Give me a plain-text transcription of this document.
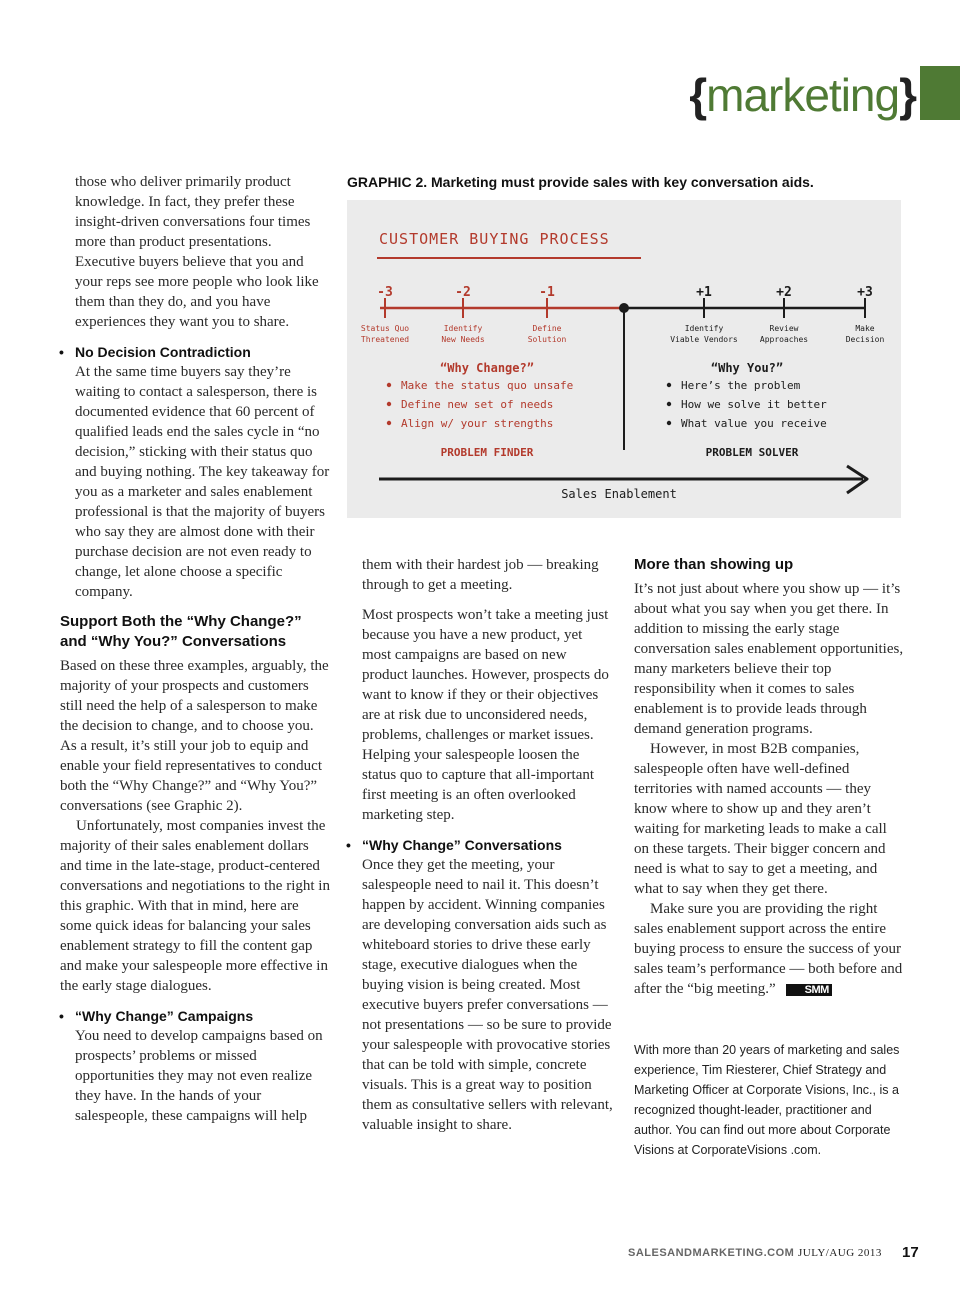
{marketing}

those who deliver primarily product knowledge. In fact, they prefer these insight-driven conversations four times more than product presentations. Executive buyers believe that you and your reps see more people who look like them than they do, and you have experiences they want you to share.

• No Decision Contradiction

At the same time buyers say they’re waiting to contact a salesperson, there is documented evidence that 60 percent of qualified leads end the sales cycle in “no decision,” sticking with their status quo and buying nothing. The key takeaway for you as a marketer and sales enablement professional is that the majority of buyers who say they are almost done with their purchase decision are not even ready to change, let alone choose a specific company.

Support Both the “Why Change?” and “Why You?” Conversations

Based on these three examples, arguably, the majority of your prospects and customers still need the help of a salesperson to make the decision to change, and to choose you. As a result, it’s still your job to equip and enable your field representatives to conduct both the “Why Change?” and “Why You?” conversations (see Graphic 2).

Unfortunately, most companies invest the majority of their sales enablement dollars and time in the late-stage, product-centered conversations and negotiations to the right in this graphic. With that in mind, here are some quick ideas for balancing your sales enablement strategy to fill the content gap and make your salespeople more effective in the early stage dialogues.

• “Why Change” Campaigns

You need to develop campaigns based on prospects’ problems or missed opportunities they may not even realize they have. In the hands of your salespeople, these campaigns will help

GRAPHIC 2. Marketing must provide sales with key conversation aids.
CUSTOMER BUYING PROCESS
-3
Status Quo
Threatened
-2
Identify
New Needs
-1
Define
Solution
+1
Identify
Viable Vendors
+2
Review
Approaches
+3
Make
Decision
“Why Change?”
Make the status quo unsafe
Define new set of needs
Align w/ your strengths
PROBLEM FINDER
“Why You?”
Here’s the problem
How we solve it better
What value you receive
PROBLEM SOLVER
Sales Enablement

them with their hardest job — breaking through to get a meeting.

Most prospects won’t take a meeting just because you have a new product, yet most campaigns are based on new product launches. However, prospects do want to know if they or their objectives are at risk due to unconsidered needs, problems, challenges or market issues. Helping your salespeople loosen the status quo to capture that all-important first meeting is an often overlooked marketing step.

• “Why Change” Conversations

Once they get the meeting, your salespeople need to nail it. This doesn’t happen by accident. Winning companies are developing conversation aids such as whiteboard stories to drive these early stage, executive dialogues when the buying vision is being created. Most executive buyers prefer conversations — not presentations — so be sure to provide your salespeople with provocative stories that can be told with simple, concrete visuals. This is a great way to position them as consultative sellers with relevant, valuable insight to share.

More than showing up

It’s not just about where you show up — it’s about what you say when you get there. In addition to missing the early stage conversation sales enablement opportunities, many marketers believe their top responsibility when it comes to sales enablement is to provide leads through demand generation programs.

However, in most B2B companies, salespeople often have well-defined territories with named accounts — they know where to show up and they aren’t waiting for marketing leads to make a call on these targets. Their bigger concern and need is what to say to get a meeting, and what to say when they get there.

Make sure you are providing the right sales enablement support across the entire buying process to ensure the success of your sales team’s performance — both before and after the “big meeting.”	SMM

With more than 20 years of marketing and sales experience, Tim Riesterer, Chief Strategy and Marketing Officer at Corporate Visions, Inc., is a recognized thought-leader, practitioner and author. You can find out more about Corporate Visions at CorporateVisions .com.
SALESANDMARKETING.COM JULY/AUG 2013 17
